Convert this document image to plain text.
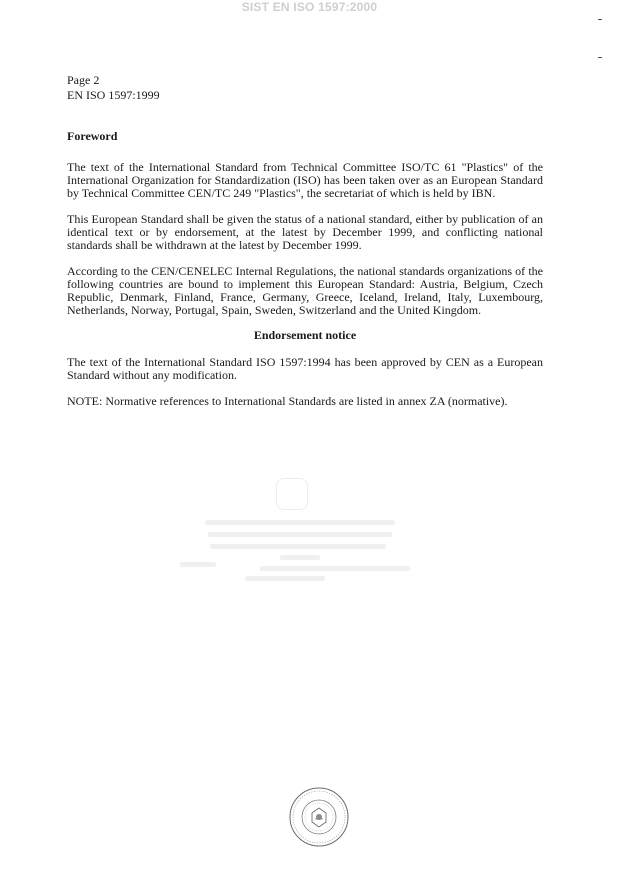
SIST EN ISO 1597:2000
Page 2
EN ISO 1597:1999
Foreword

The text of the International Standard from Technical Committee ISO/TC 61 "Plastics" of the International Organization for Standardization (ISO) has been taken over as an European Standard by Technical Committee CEN/TC 249 "Plastics", the secretariat of which is held by IBN.

This European Standard shall be given the status of a national standard, either by publication of an identical text or by endorsement, at the latest by December 1999, and conflicting national standards shall be withdrawn at the latest by December 1999.

According to the CEN/CENELEC Internal Regulations, the national standards organizations of the following countries are bound to implement this European Standard: Austria, Belgium, Czech Republic, Denmark, Finland, France, Germany, Greece, Iceland, Ireland, Italy, Luxembourg, Netherlands, Norway, Portugal, Spain, Sweden, Switzerland and the United Kingdom.

Endorsement notice

The text of the International Standard ISO 1597:1994 has been approved by CEN as a European Standard without any modification.

NOTE: Normative references to International Standards are listed in annex ZA (normative).
